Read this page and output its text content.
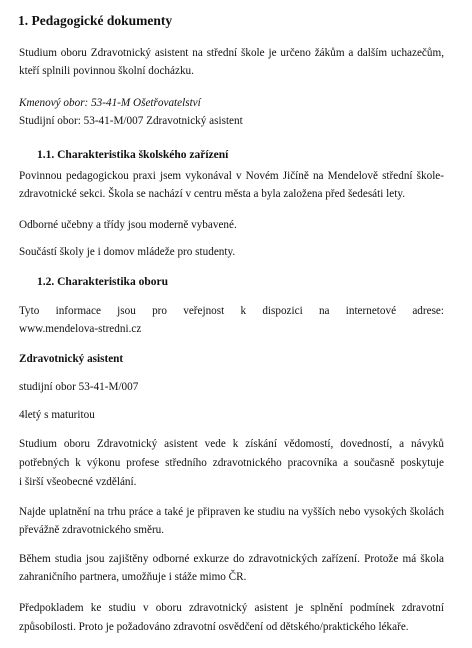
1. Pedagogické dokumenty

Studium oboru Zdravotnický asistent na střední škole je určeno žákům a dalším uchazečům,

kteří splnili povinnou školní docházku.

Kmenový obor: 53-41-M Ošetřovatelství

Studijní obor: 53-41-M/007 Zdravotnický asistent

1.1. Charakteristika školského zařízení

Povinnou pedagogickou praxi jsem vykonával v Novém Jičíně na Mendelově střední škole-

zdravotnické sekci. Škola se nachází v centru města a byla založena před šedesáti lety.

Odborné učebny a třídy jsou moderně vybavené.

Součástí školy je i domov mládeže pro studenty.

1.2. Charakteristika oboru

Tyto informace jsou pro veřejnost k dispozici na internetové adrese:

www.mendelova-stredni.cz

Zdravotnický asistent

studijní obor 53-41-M/007

4letý s maturitou

Studium oboru Zdravotnický asistent vede k získání vědomostí, dovedností, a návyků

potřebných k výkonu profese středního zdravotnického pracovníka a současně poskytuje

i širší všeobecné vzdělání.

Najde uplatnění na trhu práce a také je připraven ke studiu na vyšších nebo vysokých školách

převážně zdravotnického směru.

Během studia jsou zajištěny odborné exkurze do zdravotnických zařízení. Protože má škola

zahraničního partnera, umožňuje i stáže mimo ČR.

Předpokladem ke studiu v oboru zdravotnický asistent je splnění podmínek zdravotní

způsobilosti. Proto je požadováno zdravotní osvědčení od dětského/praktického lékaře.
